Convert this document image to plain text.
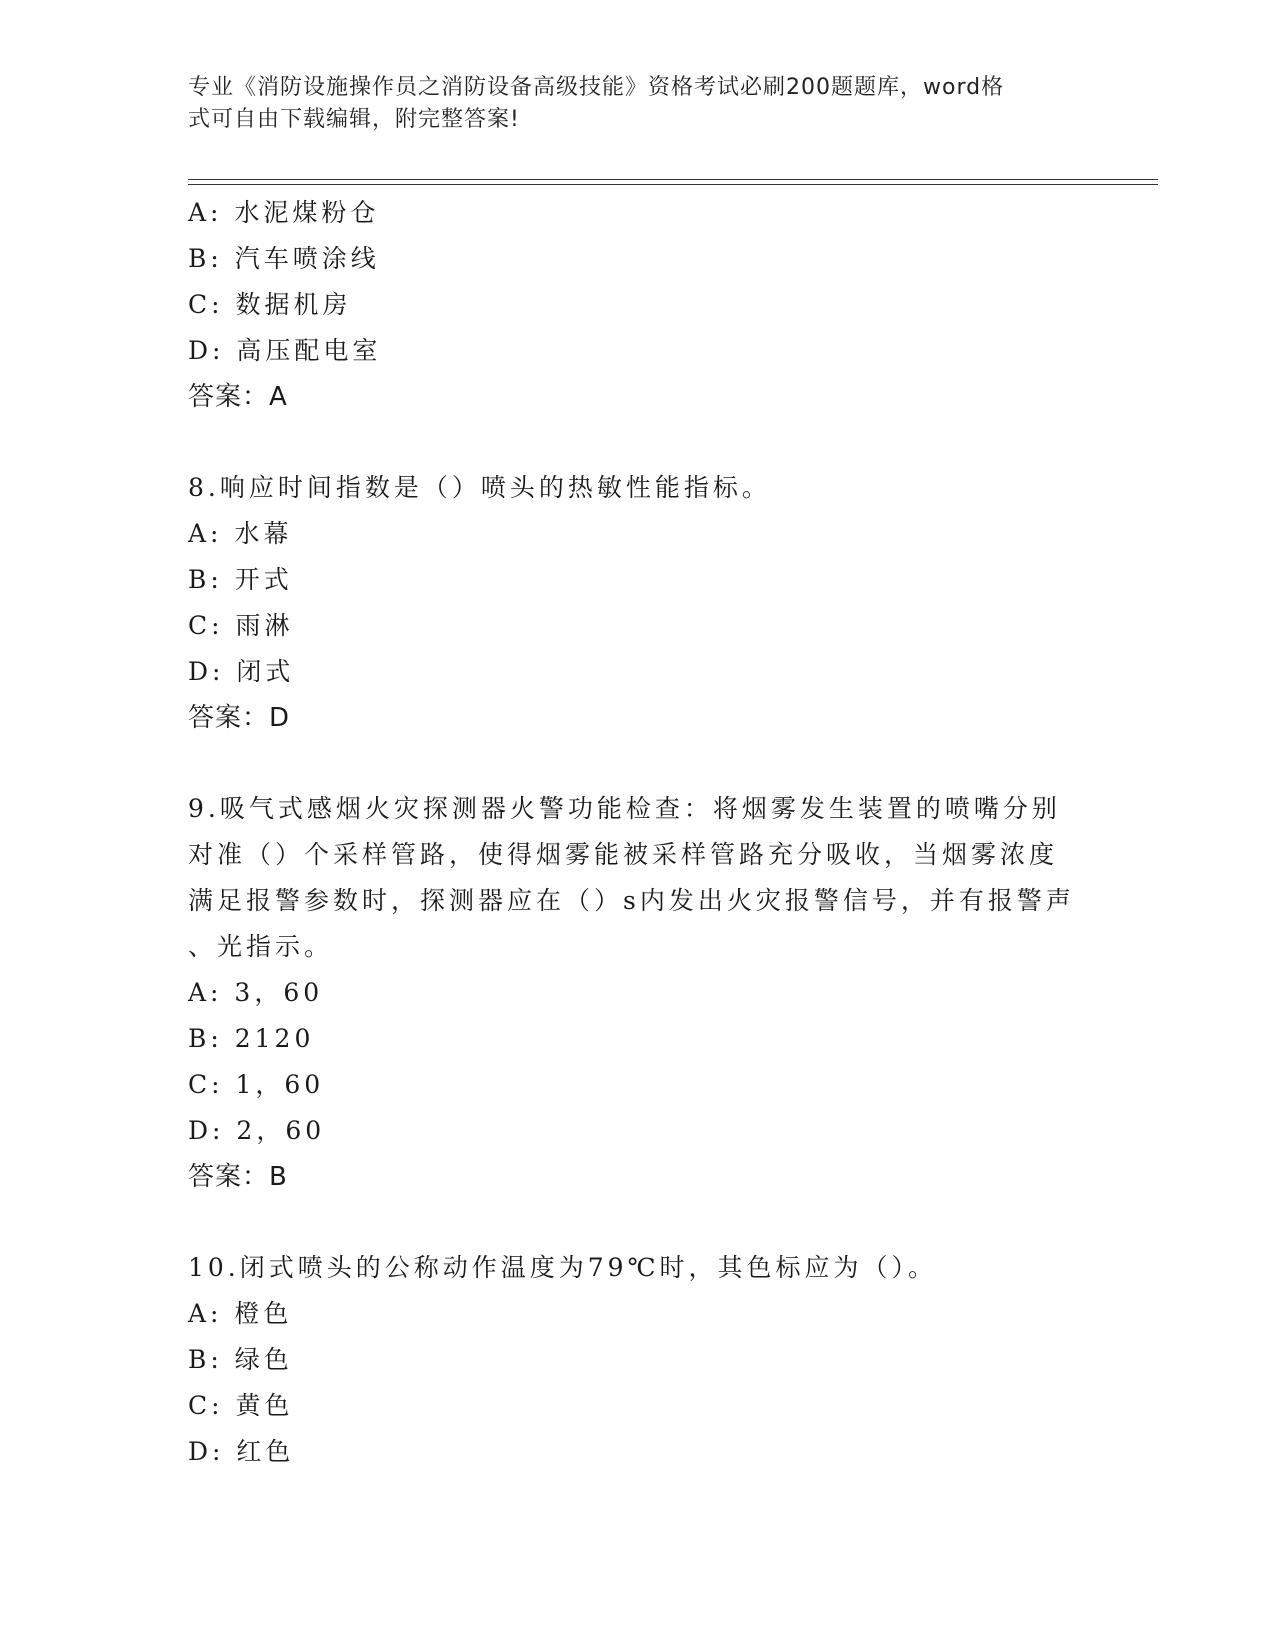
专业《消防设施操作员之消防设备高级技能》资格考试必刷200题题库，word格
式可自由下载编辑，附完整答案!
A: 水泥煤粉仓
B: 汽车喷涂线
C: 数据机房
D: 高压配电室
答案：A
8.响应时间指数是（）喷头的热敏性能指标。
A: 水幕
B: 开式
C: 雨淋
D: 闭式
答案：D
9.吸气式感烟火灾探测器火警功能检查：将烟雾发生装置的喷嘴分别
对准（）个采样管路，使得烟雾能被采样管路充分吸收，当烟雾浓度
满足报警参数时，探测器应在（）s内发出火灾报警信号，并有报警声
、光指示。
A: 3，60
B: 2120
C: 1，60
D: 2，60
答案：B
10.闭式喷头的公称动作温度为79℃时，其色标应为（）。
A: 橙色
B: 绿色
C: 黄色
D: 红色
